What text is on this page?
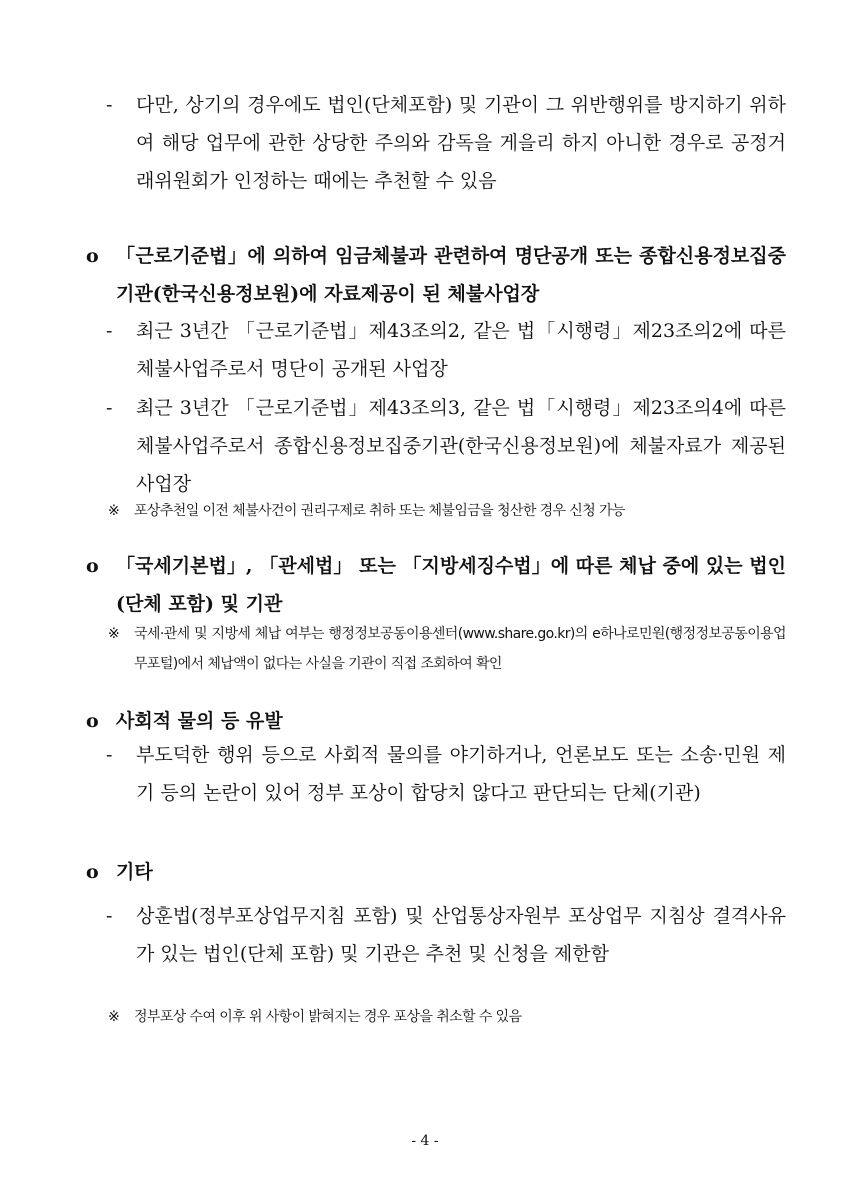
-	다만, 상기의 경우에도 법인(단체포함) 및 기관이 그 위반행위를 방지하기 위하여 해당 업무에 관한 상당한 주의와 감독을 게을리 하지 아니한 경우로 공정거래위원회가 인정하는 때에는 추천할 수 있음
o 「근로기준법」에 의하여 임금체불과 관련하여 명단공개 또는 종합신용정보집중기관(한국신용정보원)에 자료제공이 된 체불사업장
-	최근 3년간 「근로기준법」제43조의2, 같은 법「시행령」제23조의2에 따른 체불사업주로서 명단이 공개된 사업장
-	최근 3년간 「근로기준법」제43조의3, 같은 법「시행령」제23조의4에 따른 체불사업주로서 종합신용정보집중기관(한국신용정보원)에 체불자료가 제공된 사업장
※	포상추천일 이전 체불사건이 권리구제로 취하 또는 체불임금을 청산한 경우 신청 가능
o 「국세기본법」, 「관세법」 또는 「지방세징수법」에 따른 체납 중에 있는 법인(단체 포함) 및 기관
※	국세·관세 및 지방세 체납 여부는 행정정보공동이용센터(www.share.go.kr)의 e하나로민원(행정정보공동이용업무포털)에서 체납액이 없다는 사실을 기관이 직접 조회하여 확인
o 사회적 물의 등 유발
-	부도덕한 행위 등으로 사회적 물의를 야기하거나, 언론보도 또는 소송·민원 제기 등의 논란이 있어 정부 포상이 합당치 않다고 판단되는 단체(기관)
o 기타
-	상훈법(정부포상업무지침 포함) 및 산업통상자원부 포상업무 지침상 결격사유가 있는 법인(단체 포함) 및 기관은 추천 및 신청을 제한함
※	정부포상 수여 이후 위 사항이 밝혀지는 경우 포상을 취소할 수 있음
- 4 -
